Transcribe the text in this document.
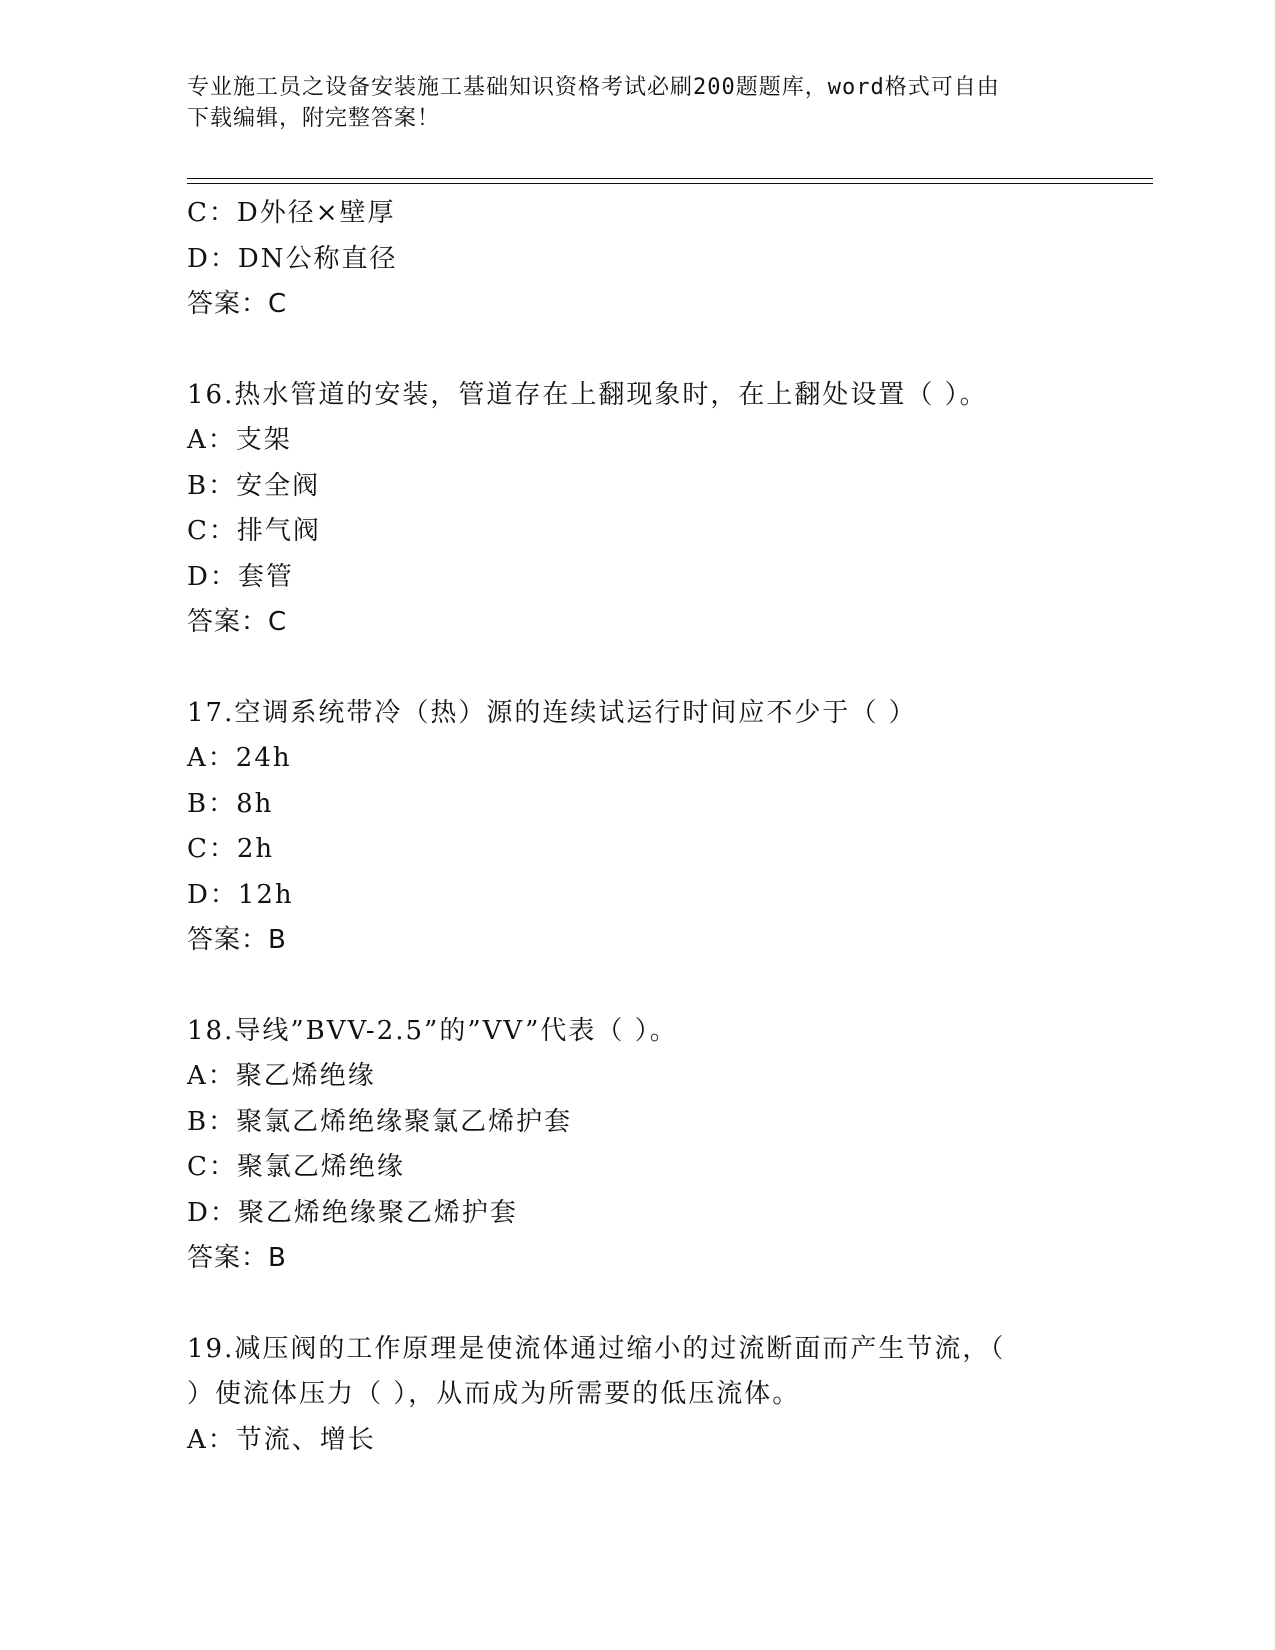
专业施工员之设备安装施工基础知识资格考试必刷200题题库，word格式可自由

下载编辑，附完整答案！

C：D外径×壁厚

D：DN公称直径

答案：C

16.热水管道的安装，管道存在上翻现象时，在上翻处设置（ ）。

A：支架

B：安全阀

C：排气阀

D：套管

答案：C

17.空调系统带冷（热）源的连续试运行时间应不少于（ ）

A：24h

B：8h

C：2h

D：12h

答案：B

18.导线”BVV-2.5”的”VV”代表（ ）。

A：聚乙烯绝缘

B：聚氯乙烯绝缘聚氯乙烯护套

C：聚氯乙烯绝缘

D：聚乙烯绝缘聚乙烯护套

答案：B

19.减压阀的工作原理是使流体通过缩小的过流断面而产生节流，（

）使流体压力（ ），从而成为所需要的低压流体。

A：节流、增长
